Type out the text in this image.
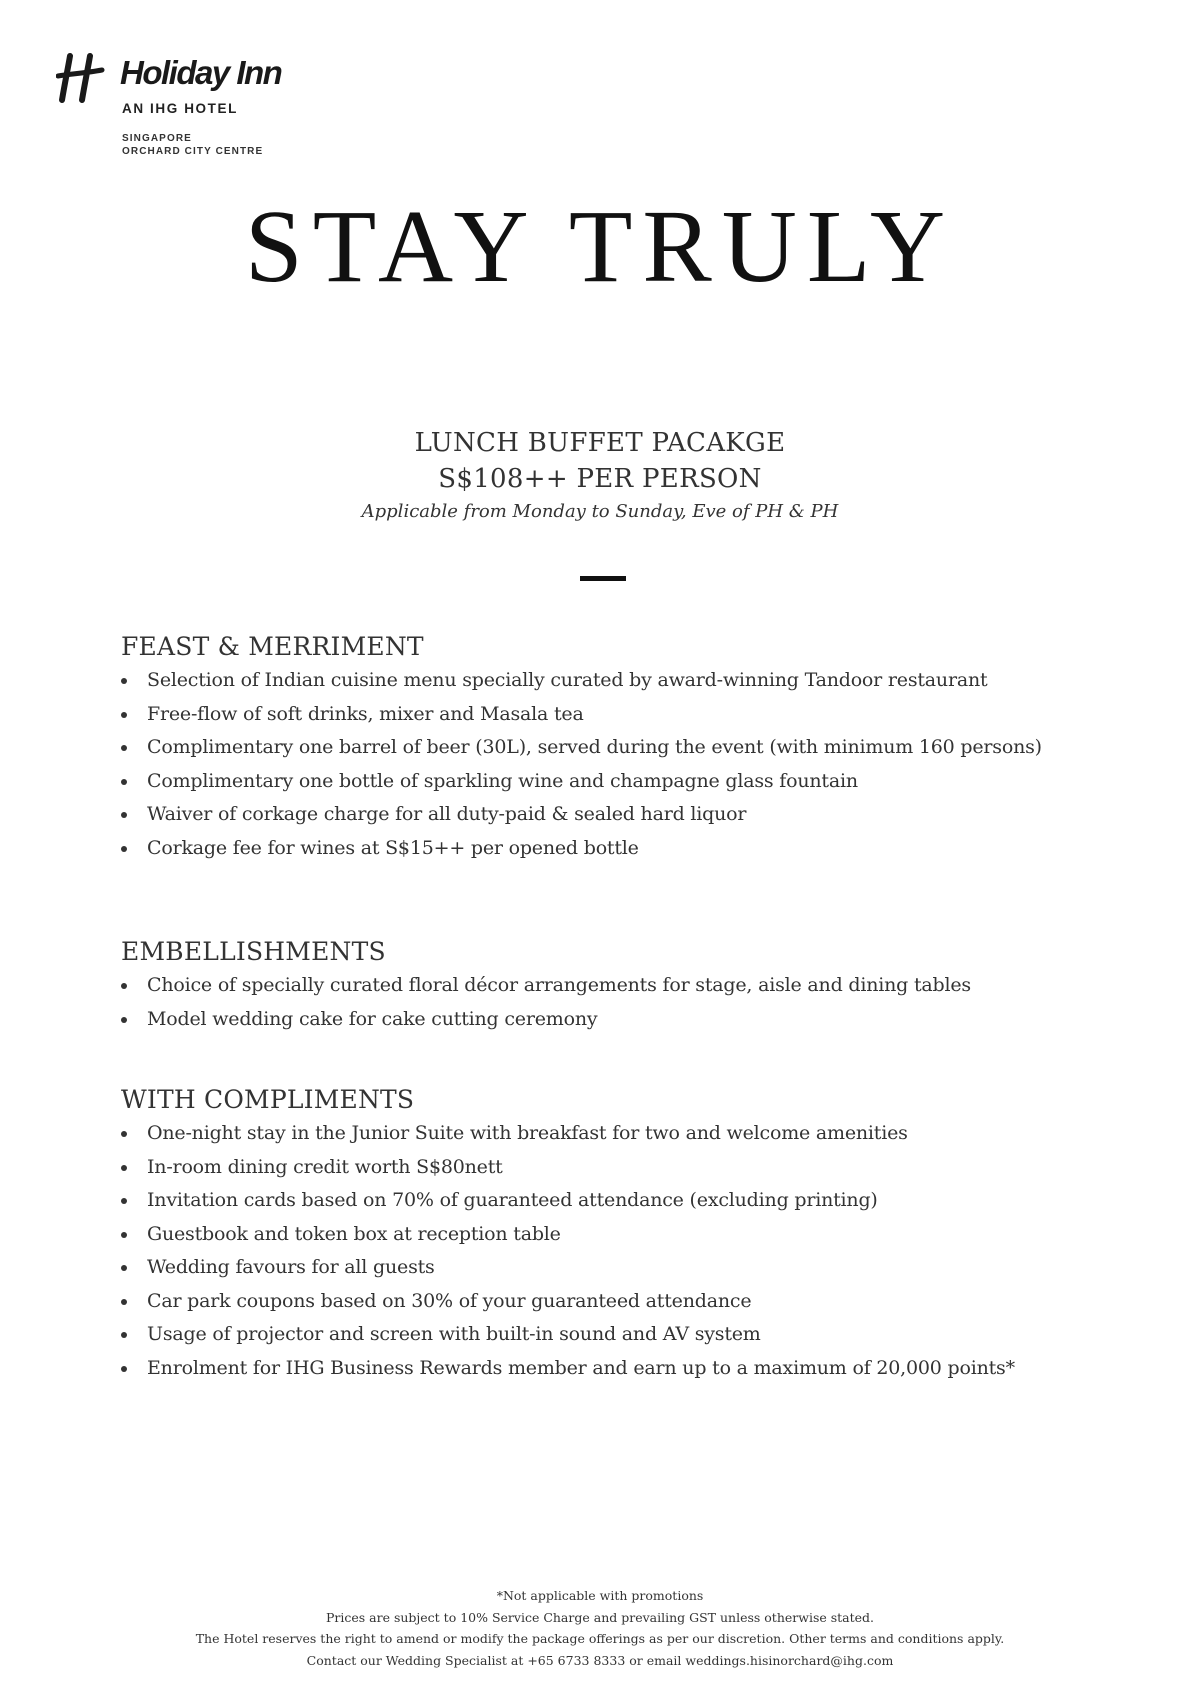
Holiday Inn
AN IHG HOTEL
SINGAPORE
ORCHARD CITY CENTRE
STAY TRULY
LUNCH BUFFET PACAKGE
S$108++ PER PERSON
Applicable from Monday to Sunday, Eve of PH & PH
FEAST & MERRIMENT
Selection of Indian cuisine menu specially curated by award-winning Tandoor restaurant
Free-flow of soft drinks, mixer and Masala tea
Complimentary one barrel of beer (30L), served during the event (with minimum 160 persons)
Complimentary one bottle of sparkling wine and champagne glass fountain
Waiver of corkage charge for all duty-paid & sealed hard liquor
Corkage fee for wines at S$15++ per opened bottle
EMBELLISHMENTS
Choice of specially curated floral décor arrangements for stage, aisle and dining tables
Model wedding cake for cake cutting ceremony
WITH COMPLIMENTS
One-night stay in the Junior Suite with breakfast for two and welcome amenities
In-room dining credit worth S$80nett
Invitation cards based on 70% of guaranteed attendance (excluding printing)
Guestbook and token box at reception table
Wedding favours for all guests
Car park coupons based on 30% of your guaranteed attendance
Usage of projector and screen with built-in sound and AV system
Enrolment for IHG Business Rewards member and earn up to a maximum of 20,000 points*
*Not applicable with promotions
Prices are subject to 10% Service Charge and prevailing GST unless otherwise stated.
The Hotel reserves the right to amend or modify the package offerings as per our discretion. Other terms and conditions apply.
Contact our Wedding Specialist at +65 6733 8333 or email weddings.hisinorchard@ihg.com
